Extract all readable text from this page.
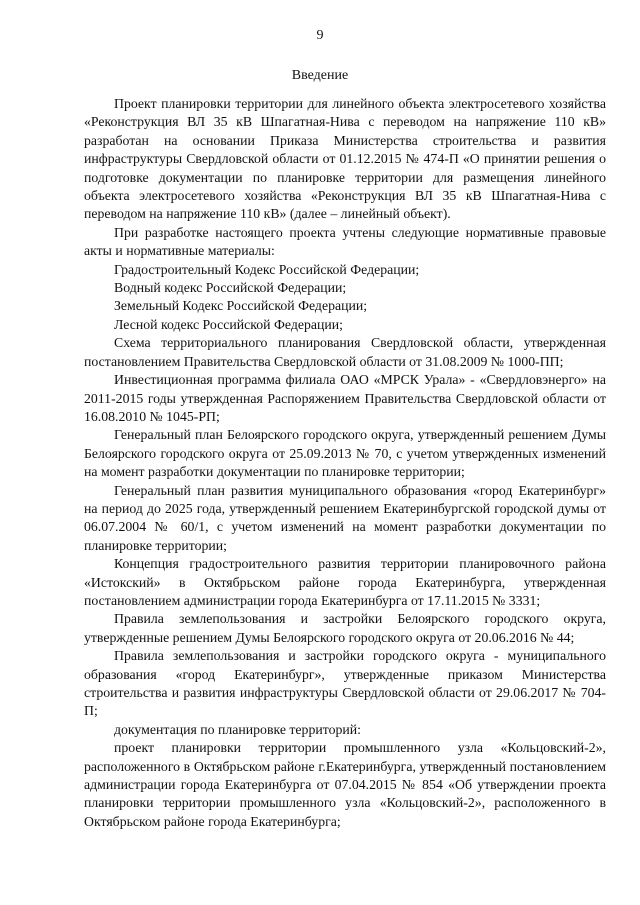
9
Введение

Проект планировки территории для линейного объекта электросетевого хозяйства «Реконструкция ВЛ 35 кВ Шпагатная-Нива с переводом на напряжение 110 кВ» разработан на основании Приказа Министерства строительства и развития инфраструктуры Свердловской области от 01.12.2015 № 474-П «О принятии решения о подготовке документации по планировке территории для размещения линейного объекта электросетевого хозяйства «Реконструкция ВЛ 35 кВ Шпагатная-Нива с переводом на напряжение 110 кВ» (далее – линейный объект).

При разработке настоящего проекта учтены следующие нормативные правовые акты и нормативные материалы:

Градостроительный Кодекс Российской Федерации;

Водный кодекс Российской Федерации;

Земельный Кодекс Российской Федерации;

Лесной кодекс Российской Федерации;

Схема территориального планирования Свердловской области, утвержденная постановлением Правительства Свердловской области от 31.08.2009 № 1000-ПП;

Инвестиционная программа филиала ОАО «МРСК Урала» - «Свердловэнерго» на 2011-2015 годы утвержденная Распоряжением Правительства Свердловской области от 16.08.2010 № 1045-РП;

Генеральный план Белоярского городского округа, утвержденный решением Думы Белоярского городского округа от 25.09.2013 № 70, с учетом утвержденных изменений на момент разработки документации по планировке территории;

Генеральный план развития муниципального образования «город Екатеринбург» на период до 2025 года, утвержденный решением Екатеринбургской городской думы от 06.07.2004 № 60/1, с учетом изменений на момент разработки документации по планировке территории;

Концепция градостроительного развития территории планировочного района «Истокский» в Октябрьском районе города Екатеринбурга, утвержденная постановлением администрации города Екатеринбурга от 17.11.2015 № 3331;

Правила землепользования и застройки Белоярского городского округа, утвержденные решением Думы Белоярского городского округа от 20.06.2016 № 44;

Правила землепользования и застройки городского округа - муниципального образования «город Екатеринбург», утвержденные приказом Министерства строительства и развития инфраструктуры Свердловской области от 29.06.2017 № 704-П;

документация по планировке территорий:

проект планировки территории промышленного узла «Кольцовский-2», расположенного в Октябрьском районе г.Екатеринбурга, утвержденный постановлением администрации города Екатеринбурга от 07.04.2015 № 854 «Об утверждении проекта планировки территории промышленного узла «Кольцовский-2», расположенного в Октябрьском районе города Екатеринбурга;
